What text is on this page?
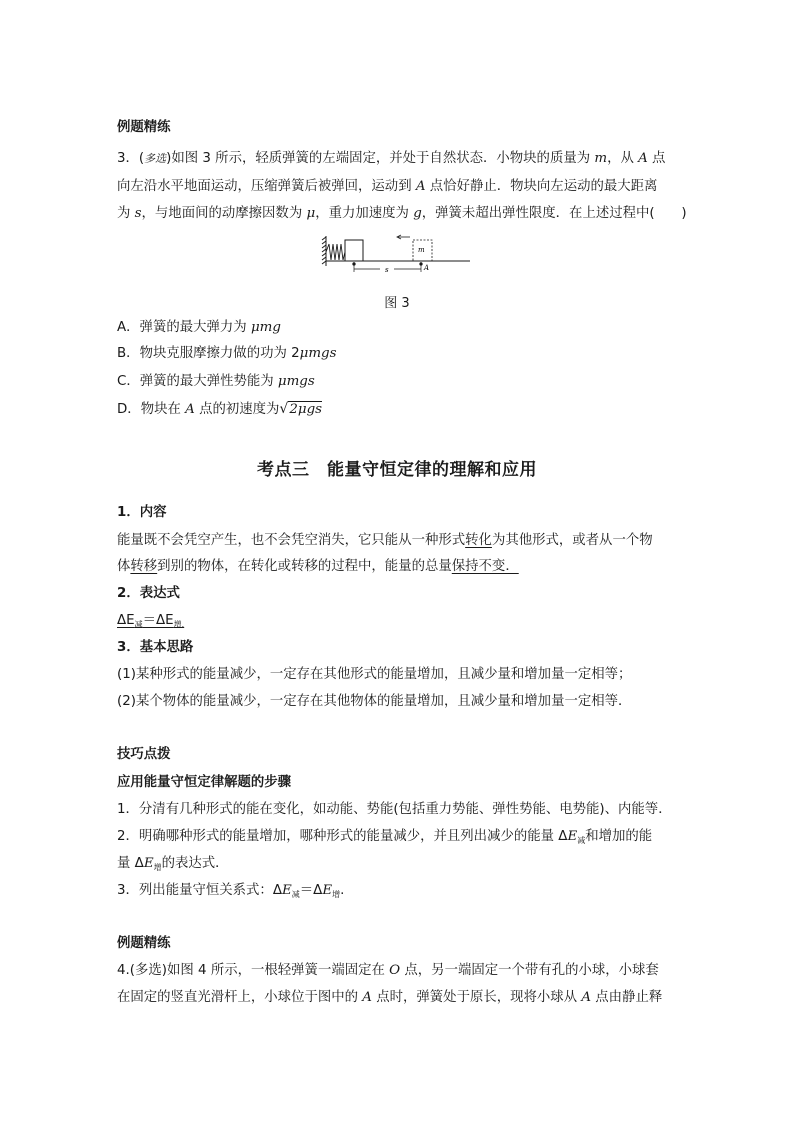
例题精练
3．(多选)如图 3 所示，轻质弹簧的左端固定，并处于自然状态．小物块的质量为 m，从 A 点
向左沿水平地面运动，压缩弹簧后被弹回，运动到 A 点恰好静止．物块向左运动的最大距离
为 s，与地面间的动摩擦因数为 μ，重力加速度为 g，弹簧未超出弹性限度．在上述过程中(　　)
m
s	A
图 3
A．弹簧的最大弹力为 μmg
B．物块克服摩擦力做的功为 2μmgs
C．弹簧的最大弹性势能为 μmgs
D．物块在 A 点的初速度为√2μgs
考点三　能量守恒定律的理解和应用
1．内容
能量既不会凭空产生，也不会凭空消失，它只能从一种形式转化为其他形式，或者从一个物
体转移到别的物体，在转化或转移的过程中，能量的总量保持不变．
2．表达式
$\Delta E_减=\Delta E_{增.}$
3．基本思路
(1)某种形式的能量减少，一定存在其他形式的能量增加，且减少量和增加量一定相等；
(2)某个物体的能量减少，一定存在其他物体的能量增加，且减少量和增加量一定相等．
技巧点拨
应用能量守恒定律解题的步骤
1．分清有几种形式的能在变化，如动能、势能(包括重力势能、弹性势能、电势能)、内能等．
2．明确哪种形式的能量增加，哪种形式的能量减少，并且列出减少的能量 $\Delta E_减$和增加的能
量 $\Delta E_增$的表达式．
3．列出能量守恒关系式：$\Delta E_减=\Delta E_增$.
例题精练
4.(多选)如图 4 所示，一根轻弹簧一端固定在 O 点，另一端固定一个带有孔的小球，小球套
在固定的竖直光滑杆上，小球位于图中的 A 点时，弹簧处于原长，现将小球从 A 点由静止释
